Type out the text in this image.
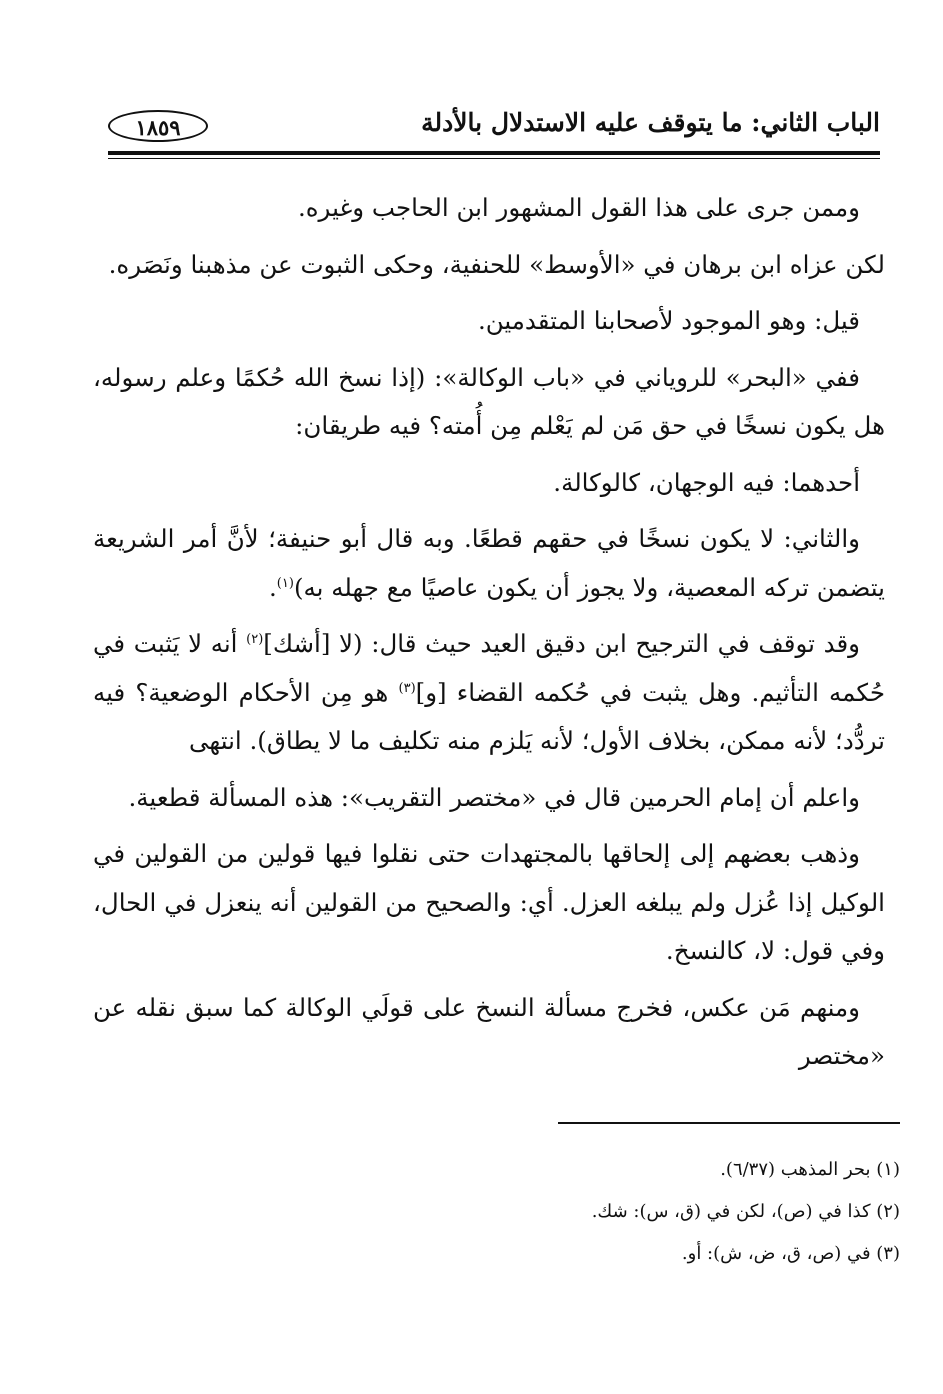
الباب الثاني: ما يتوقف عليه الاستدلال بالأدلة
١٨٥٩

وممن جرى على هذا القول المشهور ابن الحاجب وغيره.

لكن عزاه ابن برهان في «الأوسط» للحنفية، وحكى الثبوت عن مذهبنا ونَصَره.

قيل: وهو الموجود لأصحابنا المتقدمين.

ففي «البحر» للروياني في «باب الوكالة»: (إذا نسخ الله حُكمًا وعلم رسوله، هل يكون نسخًا في حق مَن لم يَعْلم مِن أُمته؟ فيه طريقان:

أحدهما: فيه الوجهان، كالوكالة.

والثاني: لا يكون نسخًا في حقهم قطعًا. وبه قال أبو حنيفة؛ لأنَّ أمر الشريعة يتضمن تركه المعصية، ولا يجوز أن يكون عاصيًا مع جهله به)$^{(١)}$.

وقد توقف في الترجيح ابن دقيق العيد حيث قال: (لا [أشك]$^{(٢)}$ أنه لا يَثبت في حُكمه التأثيم. وهل يثبت في حُكمه القضاء [و]$^{(٣)}$ هو مِن الأحكام الوضعية؟ فيه تردُّد؛ لأنه ممكن، بخلاف الأول؛ لأنه يَلزم منه تكليف ما لا يطاق). انتهى

واعلم أن إمام الحرمين قال في «مختصر التقريب»: هذه المسألة قطعية.

وذهب بعضهم إلى إلحاقها بالمجتهدات حتى نقلوا فيها قولين من القولين في الوكيل إذا عُزل ولم يبلغه العزل. أي: والصحيح من القولين أنه ينعزل في الحال، وفي قول: لا، كالنسخ.

ومنهم مَن عكس، فخرج مسألة النسخ على قولَي الوكالة كما سبق نقله عن «مختصر

(١) بحر المذهب (٦/٣٧).
(٢) كذا في (ص)، لكن في (ق، س): شك.
(٣) في (ص، ق، ض، ش): أو.
